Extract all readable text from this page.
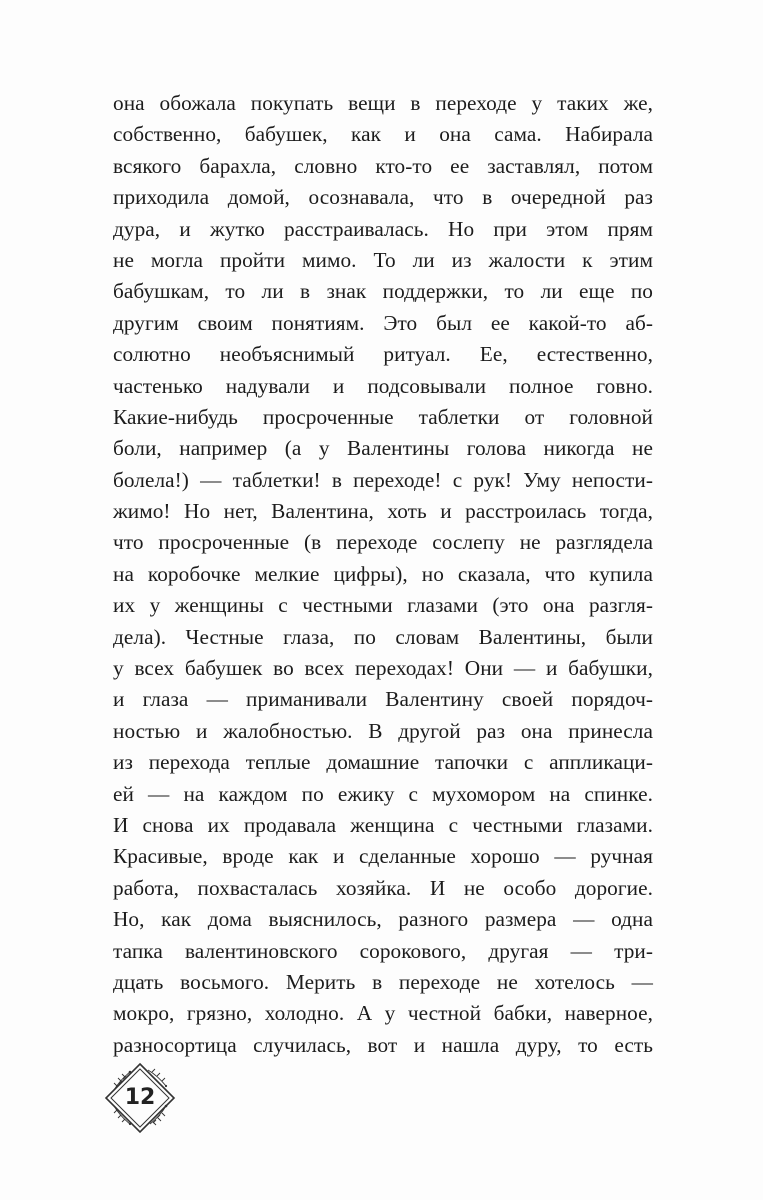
она обожала покупать вещи в переходе у таких же,
собственно, бабушек, как и она сама. Набирала
всякого барахла, словно кто-то ее заставлял, потом
приходила домой, осознавала, что в очередной раз
дура, и жутко расстраивалась. Но при этом прям
не могла пройти мимо. То ли из жалости к этим
бабушкам, то ли в знак поддержки, то ли еще по
другим своим понятиям. Это был ее какой-то аб-
солютно необъяснимый ритуал. Ее, естественно,
частенько надували и подсовывали полное говно.
Какие-нибудь просроченные таблетки от головной
боли, например (а у Валентины голова никогда не
болела!) — таблетки! в переходе! с рук! Уму непости-
жимо! Но нет, Валентина, хоть и расстроилась тогда,
что просроченные (в переходе сослепу не разглядела
на коробочке мелкие цифры), но сказала, что купила
их у женщины с честными глазами (это она разгля-
дела). Честные глаза, по словам Валентины, были
у всех бабушек во всех переходах! Они — и бабушки,
и глаза — приманивали Валентину своей порядоч-
ностью и жалобностью. В другой раз она принесла
из перехода теплые домашние тапочки с аппликаци-
ей — на каждом по ежику с мухомором на спинке.
И снова их продавала женщина с честными глазами.
Красивые, вроде как и сделанные хорошо — ручная
работа, похвасталась хозяйка. И не особо дорогие.
Но, как дома выяснилось, разного размера — одна
тапка валентиновского сорокового, другая — три-
дцать восьмого. Мерить в переходе не хотелось —
мокро, грязно, холодно. А у честной бабки, наверное,
разносортица случилась, вот и нашла дуру, то есть
12
